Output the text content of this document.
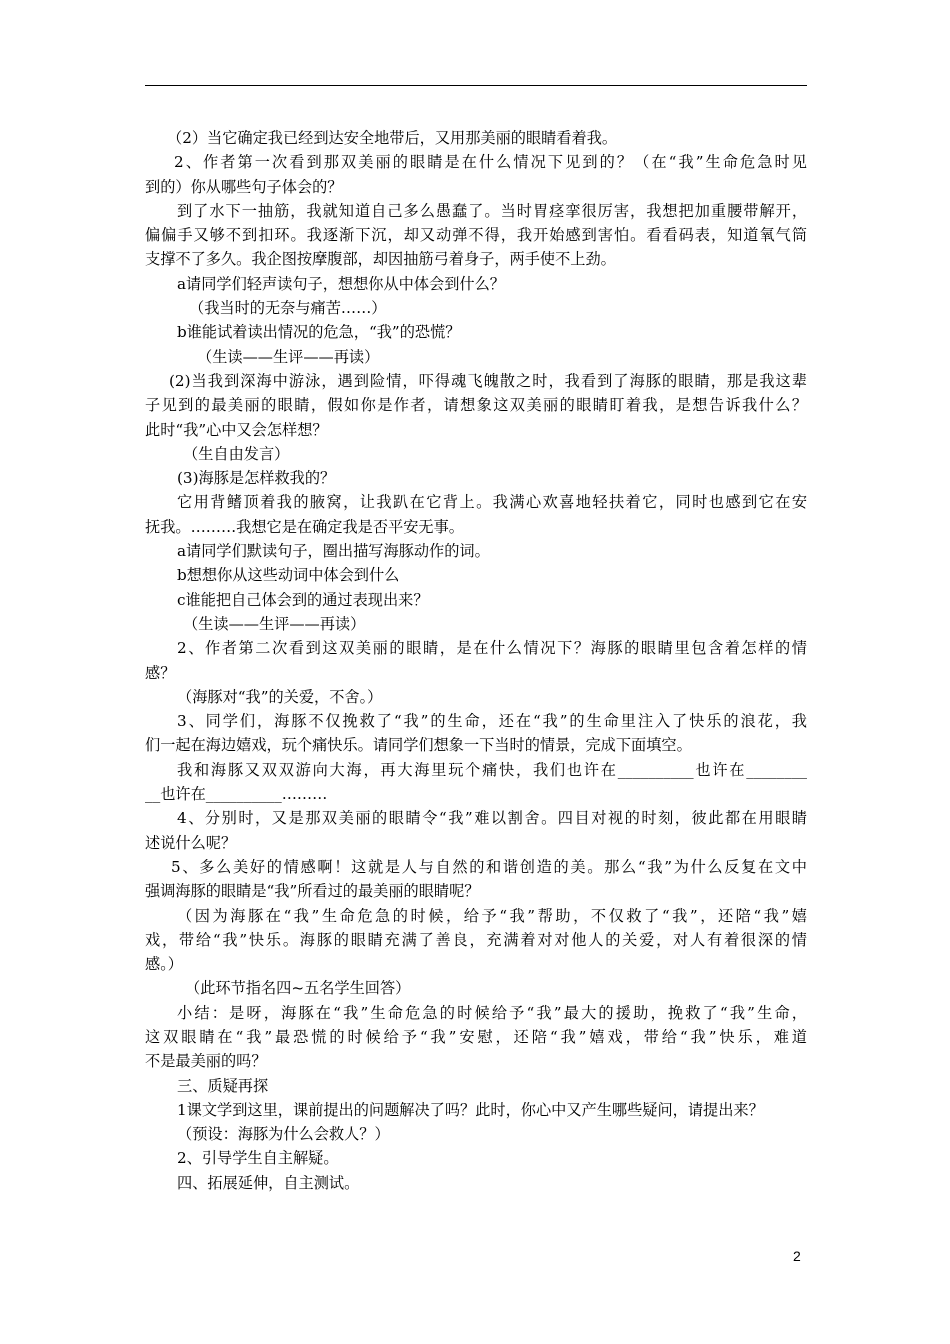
（2）当它确定我已经到达安全地带后，又用那美丽的眼睛看着我。
2、作者第一次看到那双美丽的眼睛是在什么情况下见到的？（在“我”生命危急时见
到的）你从哪些句子体会的？
到了水下一抽筋，我就知道自己多么愚蠢了。当时胃痉挛很厉害，我想把加重腰带解开，
偏偏手又够不到扣环。我逐渐下沉，却又动弹不得，我开始感到害怕。看看码表，知道氧气筒
支撑不了多久。我企图按摩腹部，却因抽筋弓着身子，两手使不上劲。
a请同学们轻声读句子，想想你从中体会到什么？
（我当时的无奈与痛苦……）
b谁能试着读出情况的危急，“我”的恐慌？
（生读——生评——再读）
(2)当我到深海中游泳，遇到险情，吓得魂飞魄散之时，我看到了海豚的眼睛，那是我这辈
子见到的最美丽的眼睛，假如你是作者，请想象这双美丽的眼睛盯着我，是想告诉我什么？
此时“我”心中又会怎样想？
（生自由发言）
(3)海豚是怎样救我的？
它用背鳍顶着我的腋窝，让我趴在它背上。我满心欢喜地轻扶着它，同时也感到它在安
抚我。………我想它是在确定我是否平安无事。
a请同学们默读句子，圈出描写海豚动作的词。
b想想你从这些动词中体会到什么
c谁能把自己体会到的通过表现出来？
（生读——生评——再读）
2、作者第二次看到这双美丽的眼睛，是在什么情况下？海豚的眼睛里包含着怎样的情
感？
（海豚对“我”的关爱，不舍。）
3、同学们，海豚不仅挽救了“我”的生命，还在“我”的生命里注入了快乐的浪花，我
们一起在海边嬉戏，玩个痛快乐。请同学们想象一下当时的情景，完成下面填空。
我和海豚又双双游向大海，再大海里玩个痛快，我们也许在__________也许在________
__也许在__________………
4、分别时，又是那双美丽的眼睛令“我”难以割舍。四目对视的时刻，彼此都在用眼睛
述说什么呢？
5、多么美好的情感啊！这就是人与自然的和谐创造的美。那么“我”为什么反复在文中
强调海豚的眼睛是“我”所看过的最美丽的眼睛呢？
（因为海豚在“我”生命危急的时候，给予“我”帮助，不仅救了“我”，还陪“我”嬉
戏，带给“我”快乐。海豚的眼睛充满了善良，充满着对对他人的关爱，对人有着很深的情
感。）
（此环节指名四~五名学生回答）
小结：是呀，海豚在“我”生命危急的时候给予“我”最大的援助，挽救了“我”生命，
这双眼睛在“我”最恐慌的时候给予“我”安慰，还陪“我”嬉戏，带给“我”快乐，难道
不是最美丽的吗？
三、质疑再探
1课文学到这里，课前提出的问题解决了吗？此时，你心中又产生哪些疑问，请提出来？
（预设：海豚为什么会救人？）
2、引导学生自主解疑。
四、拓展延伸，自主测试。
2
